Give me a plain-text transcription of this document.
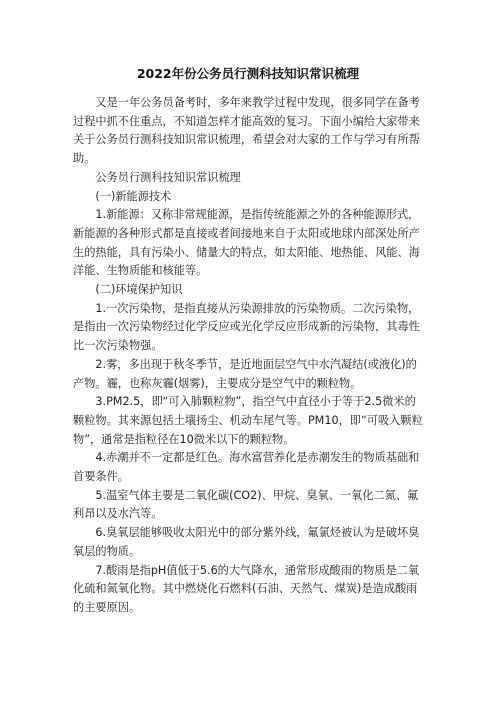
2022年份公务员行测科技知识常识梳理

又是一年公务员备考时，多年来教学过程中发现，很多同学在备考过程中抓不住重点，不知道怎样才能高效的复习。下面小编给大家带来关于公务员行测科技知识常识梳理，希望会对大家的工作与学习有所帮助。

公务员行测科技知识常识梳理

(一)新能源技术

1.新能源：又称非常规能源，是指传统能源之外的各种能源形式，新能源的各种形式都是直接或者间接地来自于太阳或地球内部深处所产生的热能，具有污染小、储量大的特点，如太阳能、地热能、风能、海洋能、生物质能和核能等。

(二)环境保护知识

1.一次污染物，是指直接从污染源排放的污染物质。二次污染物，是指由一次污染物经过化学反应或光化学反应形成新的污染物，其毒性比一次污染物强。

2.雾，多出现于秋冬季节，是近地面层空气中水汽凝结(或液化)的产物。霾，也称灰霾(烟雾)，主要成分是空气中的颗粒物。

3.PM2.5，即“可入肺颗粒物”，指空气中直径小于等于2.5微米的颗粒物。其来源包括土壤扬尘、机动车尾气等。PM10，即“可吸入颗粒物”，通常是指粒径在10微米以下的颗粒物。

4.赤潮并不一定都是红色。海水富营养化是赤潮发生的物质基础和首要条件。

5.温室气体主要是二氧化碳(CO2)、甲烷、臭氧、一氧化二氮、氟利昂以及水汽等。

6.臭氧层能够吸收太阳光中的部分紫外线，氟氯烃被认为是破坏臭氧层的物质。

7.酸雨是指pH值低于5.6的大气降水，通常形成酸雨的物质是二氧化硫和氮氧化物。其中燃烧化石燃料(石油、天然气、煤炭)是造成酸雨的主要原因。
